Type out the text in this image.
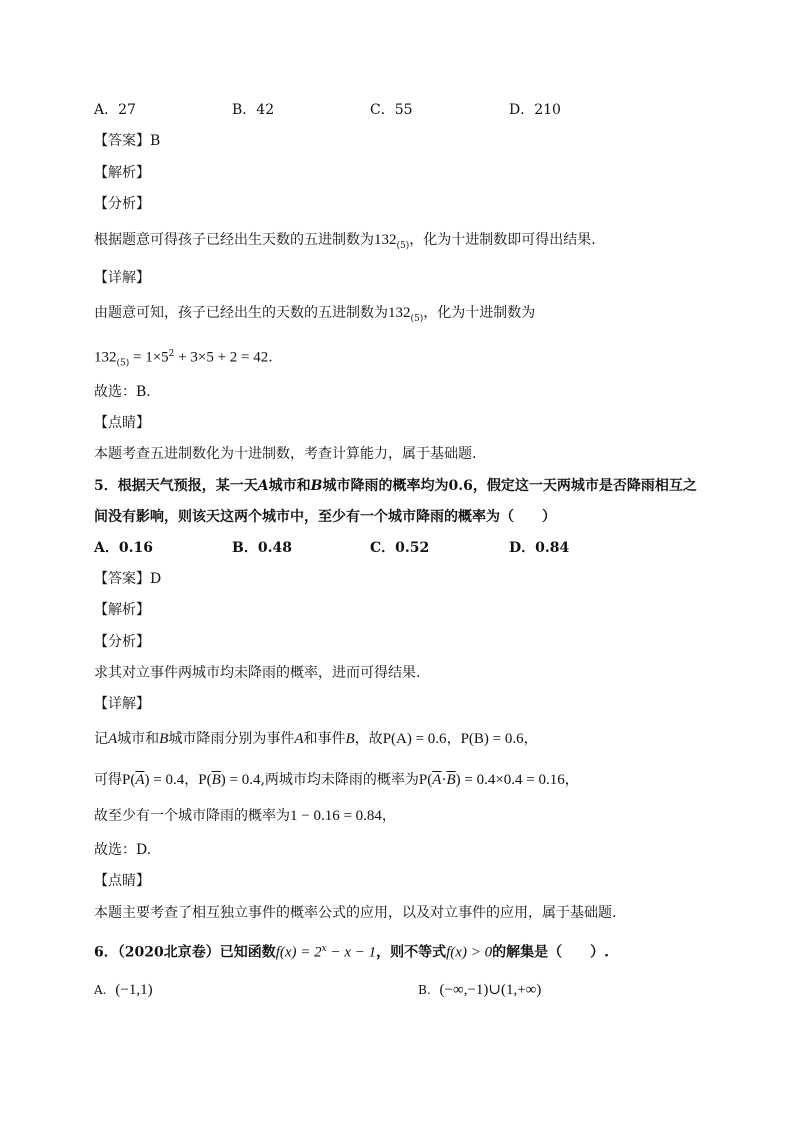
A．27	B．42	C．55	D．210
【答案】B
【解析】
【分析】
根据题意可得孩子已经出生天数的五进制数为$132_{(5)}$，化为十进制数即可得出结果.
【详解】
由题意可知，孩子已经出生的天数的五进制数为$132_{(5)}$，化为十进制数为
$132_{(5)} = 1\times 5^2 + 3\times 5 + 2 = 42$.
故选：B.
【点睛】
本题考查五进制数化为十进制数，考查计算能力，属于基础题.
5．根据天气预报，某一天A城市和B城市降雨的概率均为0.6，假定这一天两城市是否降雨相互之
间没有影响，则该天这两个城市中，至少有一个城市降雨的概率为（　　）
A．0.16	B．0.48	C．0.52	D．0.84
【答案】D
【解析】
【分析】
求其对立事件两城市均未降雨的概率，进而可得结果.
【详解】
记A城市和B城市降雨分别为事件A和事件B，故P(A) = 0.6，P(B) = 0.6，
可得$P(\overline{A}) = 0.4$，$P(\overline{B}) = 0.4$,两城市均未降雨的概率为$P(\overline{A}\cdot\overline{B}) = 0.4\times 0.4 = 0.16$，
故至少有一个城市降雨的概率为1 − 0.16 = 0.84，
故选：D.
【点睛】
本题主要考查了相互独立事件的概率公式的应用，以及对立事件的应用，属于基础题.
6．（2020北京卷）已知函数$f(x) = 2^x - x - 1$，则不等式f(x) > 0的解集是（　　）.
A. (−1,1)	B. (−∞,−1)∪(1,+∞)
